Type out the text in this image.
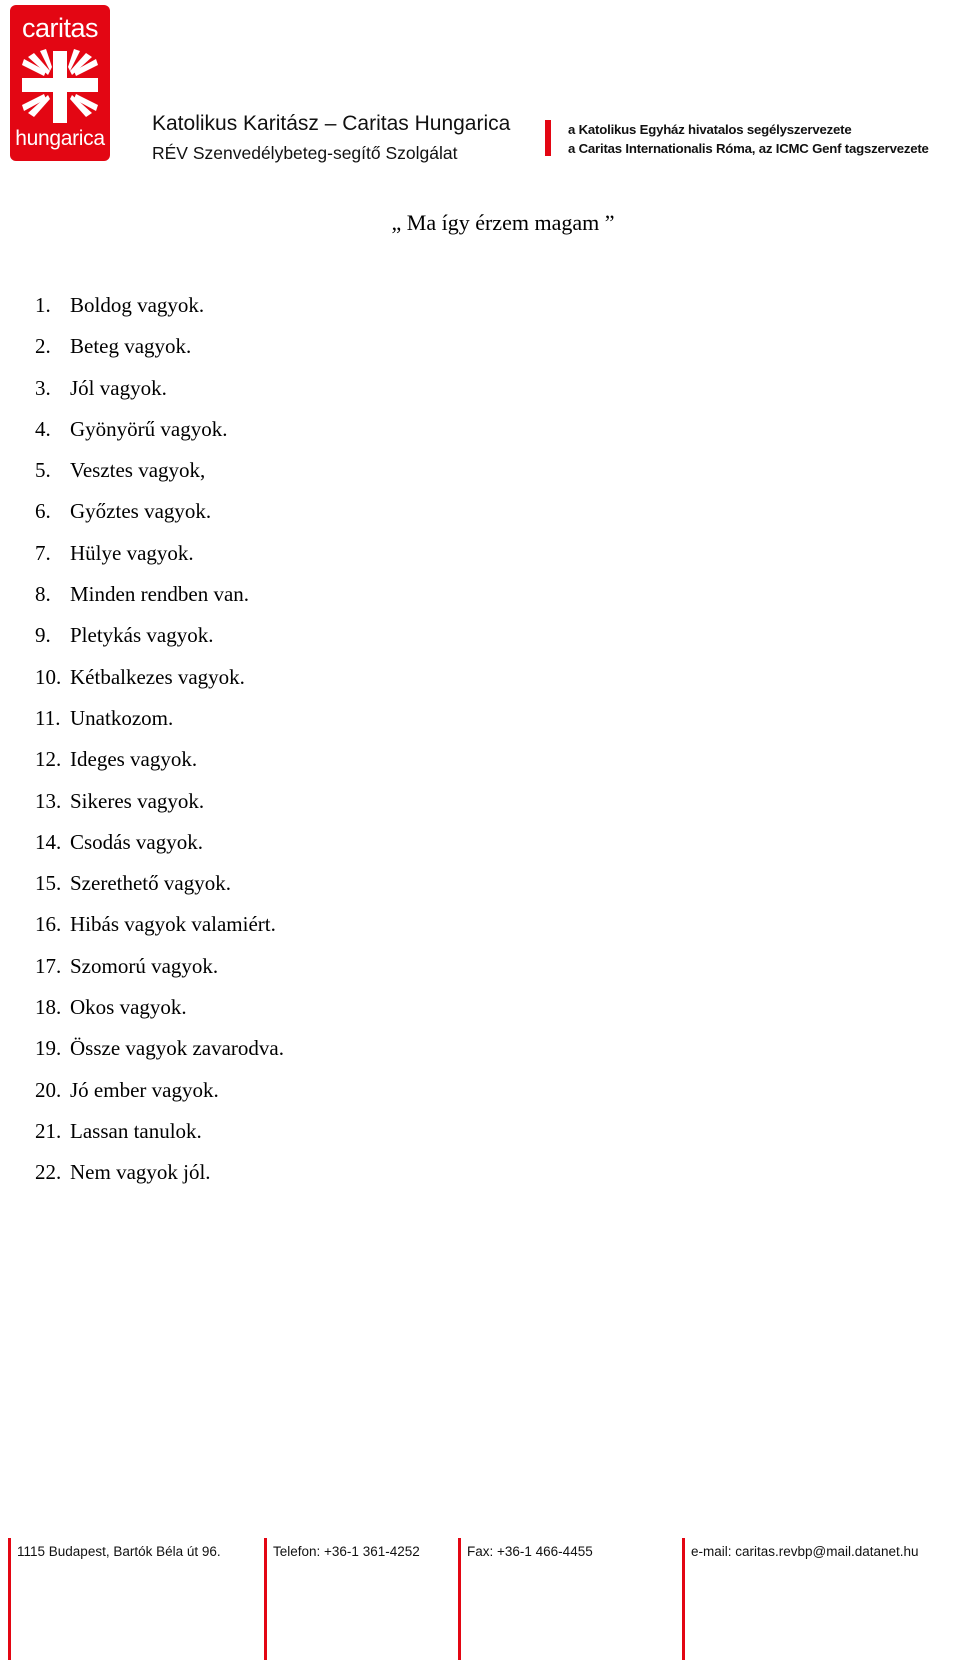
caritas
hungarica
Katolikus Karitász – Caritas Hungarica
RÉV Szenvedélybeteg-segítő Szolgálat
a Katolikus Egyház hivatalos segélyszervezete
a Caritas Internationalis Róma, az ICMC Genf tagszervezete
„ Ma így érzem magam ”
1. Boldog vagyok.
2. Beteg vagyok.
3. Jól vagyok.
4. Gyönyörű vagyok.
5. Vesztes vagyok,
6. Győztes vagyok.
7. Hülye vagyok.
8. Minden rendben van.
9. Pletykás vagyok.
10. Kétbalkezes vagyok.
11. Unatkozom.
12. Ideges vagyok.
13. Sikeres vagyok.
14. Csodás vagyok.
15. Szerethető vagyok.
16. Hibás vagyok valamiért.
17. Szomorú vagyok.
18. Okos vagyok.
19. Össze vagyok zavarodva.
20. Jó ember vagyok.
21. Lassan tanulok.
22. Nem vagyok jól.
1115 Budapest, Bartók Béla út 96.	Telefon: +36-1 361-4252	Fax: +36-1 466-4455	e-mail: caritas.revbp@mail.datanet.hu
